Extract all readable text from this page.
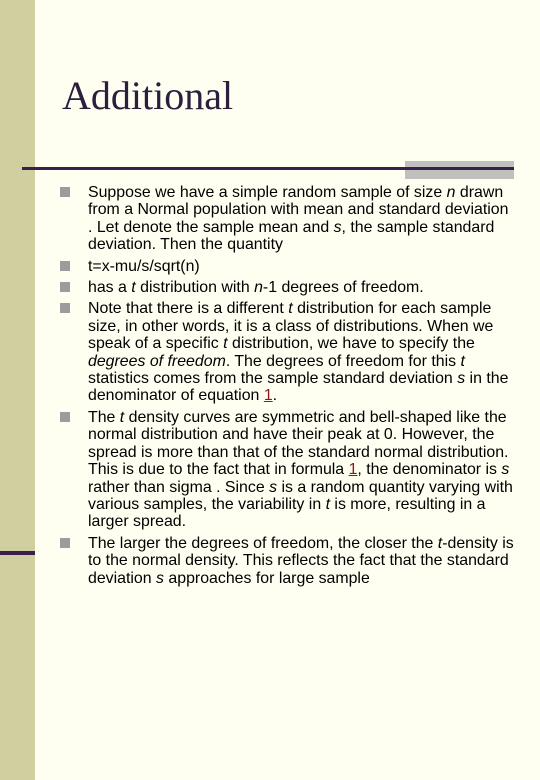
Additional
Suppose we have a simple random sample of size n drawn from a Normal population with mean and standard deviation . Let denote the sample mean and s, the sample standard deviation. Then the quantity
t=x-mu/s/sqrt(n)
has a t distribution with n-1 degrees of freedom.
Note that there is a different t distribution for each sample size, in other words, it is a class of distributions. When we speak of a specific t distribution, we have to specify the degrees of freedom. The degrees of freedom for this t statistics comes from the sample standard deviation s in the denominator of equation 1.
The t density curves are symmetric and bell-shaped like the normal distribution and have their peak at 0. However, the spread is more than that of the standard normal distribution. This is due to the fact that in formula 1, the denominator is s rather than sigma . Since s is a random quantity varying with various samples, the variability in t is more, resulting in a larger spread.
The larger the degrees of freedom, the closer the t-density is to the normal density. This reflects the fact that the standard deviation s approaches for large sample
